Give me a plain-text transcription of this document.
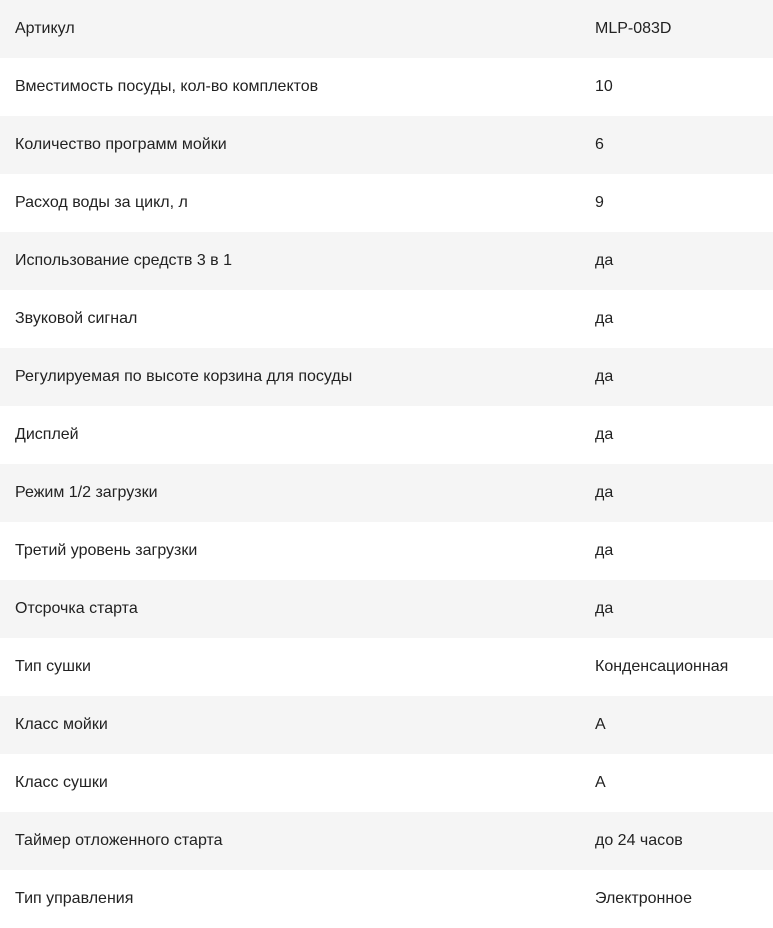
Артикул	MLP-083D
Вместимость посуды, кол-во комплектов	10
Количество программ мойки	6
Расход воды за цикл, л	9
Использование средств 3 в 1	да
Звуковой сигнал	да
Регулируемая по высоте корзина для посуды	да
Дисплей	да
Режим 1/2 загрузки	да
Третий уровень загрузки	да
Отсрочка старта	да
Тип сушки	Конденсационная
Класс мойки	A
Класс сушки	A
Таймер отложенного старта	до 24 часов
Тип управления	Электронное
